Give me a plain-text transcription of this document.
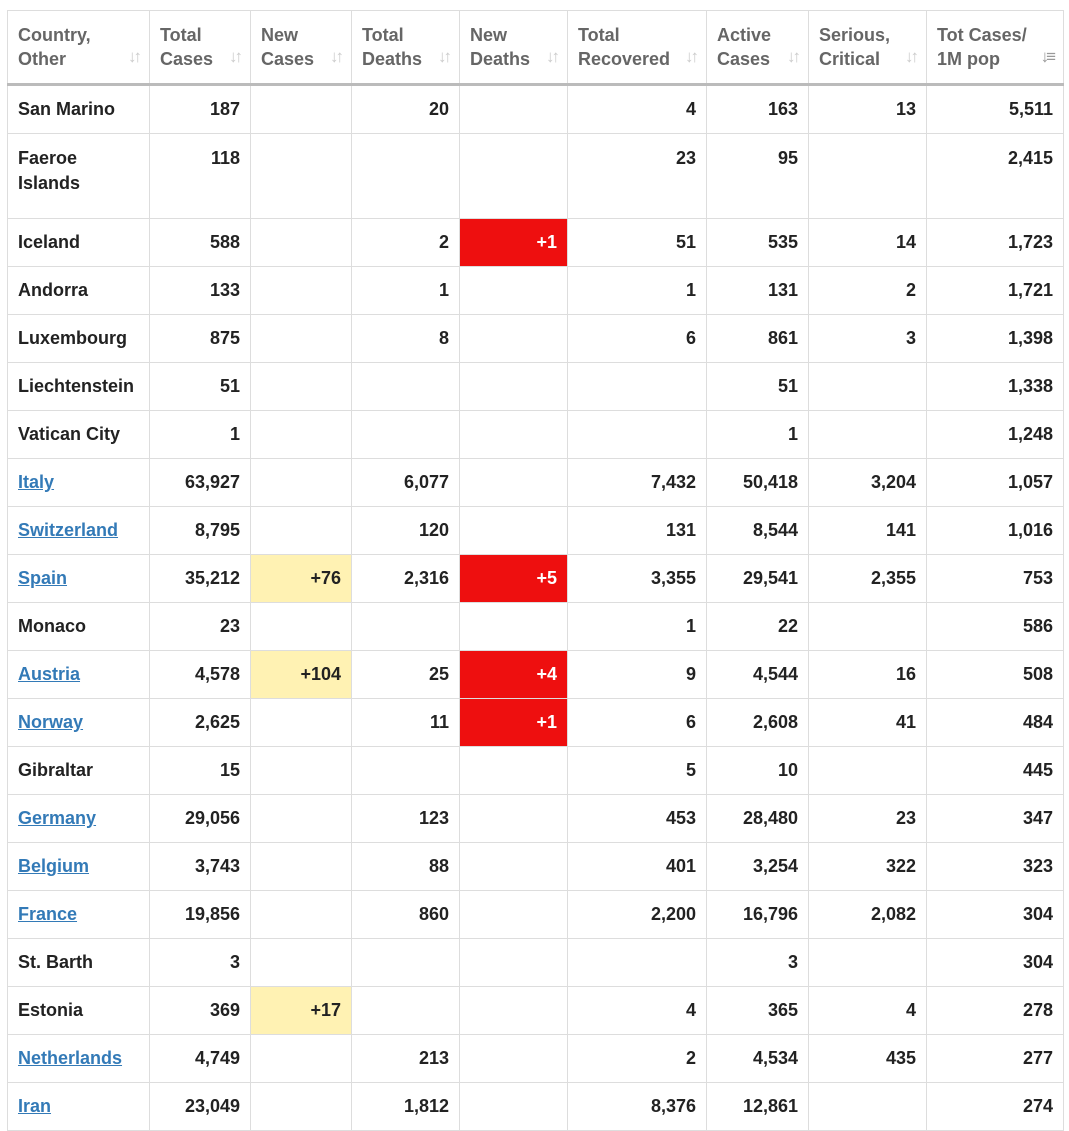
Country, Other ↓↑	Total Cases ↓↑	New Cases ↓↑	Total Deaths ↓↑	New Deaths ↓↑	Total Recovered ↓↑	Active Cases ↓↑	Serious, Critical ↓↑	Tot Cases/ 1M pop ↓≡

San Marino	187		20		4	163	13	5,511
Faeroe Islands	118				23	95		2,415
Iceland	588		2	+1	51	535	14	1,723
Andorra	133		1		1	131	2	1,721
Luxembourg	875		8		6	861	3	1,398
Liechtenstein	51					51		1,338
Vatican City	1					1		1,248
Italy	63,927		6,077		7,432	50,418	3,204	1,057
Switzerland	8,795		120		131	8,544	141	1,016
Spain	35,212	+76	2,316	+5	3,355	29,541	2,355	753
Monaco	23				1	22		586
Austria	4,578	+104	25	+4	9	4,544	16	508
Norway	2,625		11	+1	6	2,608	41	484
Gibraltar	15				5	10		445
Germany	29,056		123		453	28,480	23	347
Belgium	3,743		88		401	3,254	322	323
France	19,856		860		2,200	16,796	2,082	304
St. Barth	3					3		304
Estonia	369	+17			4	365	4	278
Netherlands	4,749		213		2	4,534	435	277
Iran	23,049		1,812		8,376	12,861		274
